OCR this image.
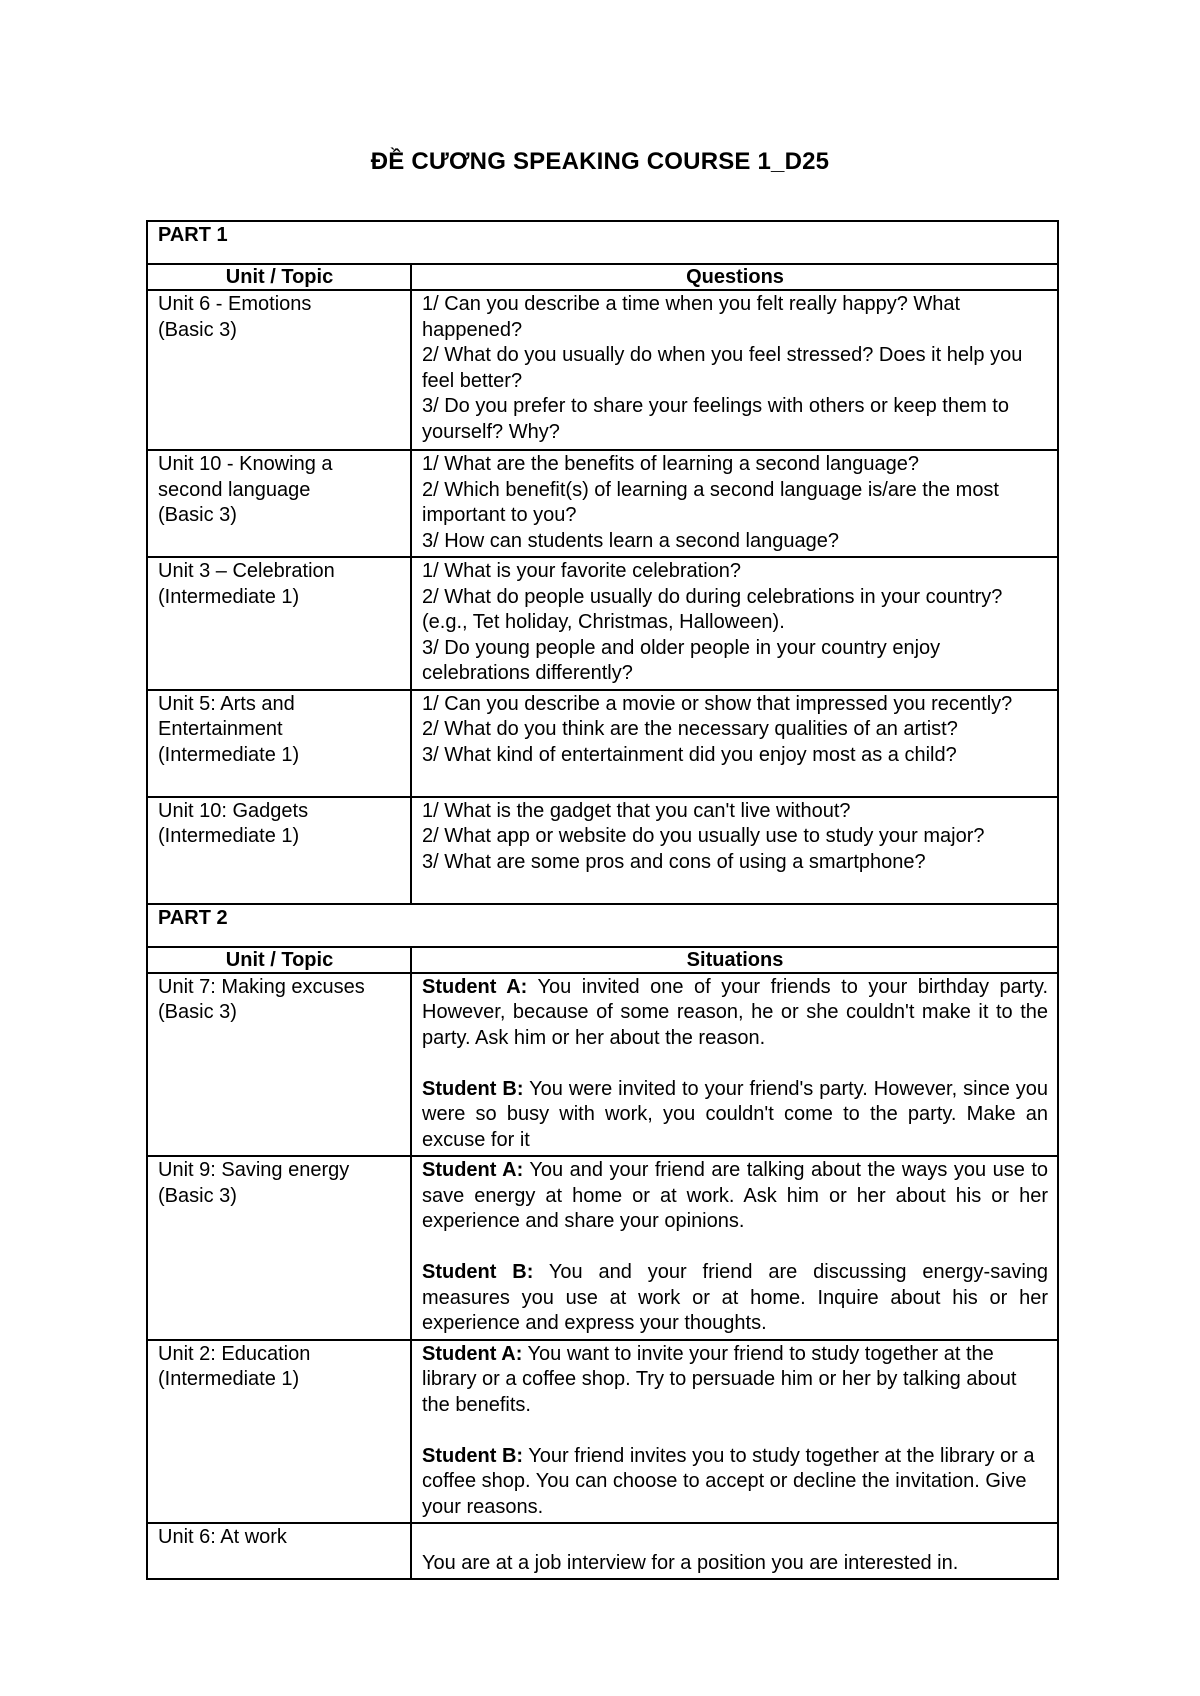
ĐỀ CƯƠNG SPEAKING COURSE 1_D25
PART 1	
Unit / Topic	Questions

Unit 6 - Emotions
(Basic 3)	1/ Can you describe a time when you felt really happy? What happened?
2/ What do you usually do when you feel stressed? Does it help you feel better?
3/ Do you prefer to share your feelings with others or keep them to yourself? Why?

Unit 10 - Knowing a
second language
(Basic 3)	1/ What are the benefits of learning a second language?
2/ Which benefit(s) of learning a second language is/are the most important to you?
3/ How can students learn a second language?

Unit 3 – Celebration
(Intermediate 1)	1/ What is your favorite celebration?
2/ What do people usually do during celebrations in your country? (e.g., Tet holiday, Christmas, Halloween).
3/ Do young people and older people in your country enjoy celebrations differently?

Unit 5: Arts and
Entertainment
(Intermediate 1)	1/ Can you describe a movie or show that impressed you recently?
2/ What do you think are the necessary qualities of an artist?
3/ What kind of entertainment did you enjoy most as a child?

Unit 10: Gadgets
(Intermediate 1)	1/ What is the gadget that you can't live without?
2/ What app or website do you usually use to study your major?
3/ What are some pros and cons of using a smartphone?

PART 2	
Unit / Topic	Situations

Unit 7: Making excuses
(Basic 3)	Student A: You invited one of your friends to your birthday party. However, because of some reason, he or she couldn't make it to the party. Ask him or her about the reason.
Student B: You were invited to your friend's party. However, since you were so busy with work, you couldn't come to the party. Make an excuse for it

Unit 9: Saving energy
(Basic 3)	Student A: You and your friend are talking about the ways you use to save energy at home or at work. Ask him or her about his or her experience and share your opinions.
Student B: You and your friend are discussing energy-saving measures you use at work or at home. Inquire about his or her experience and express your thoughts.

Unit 2: Education
(Intermediate 1)	Student A: You want to invite your friend to study together at the library or a coffee shop. Try to persuade him or her by talking about the benefits.
Student B: Your friend invites you to study together at the library or a coffee shop. You can choose to accept or decline the invitation. Give your reasons.

Unit 6: At work	You are at a job interview for a position you are interested in.
